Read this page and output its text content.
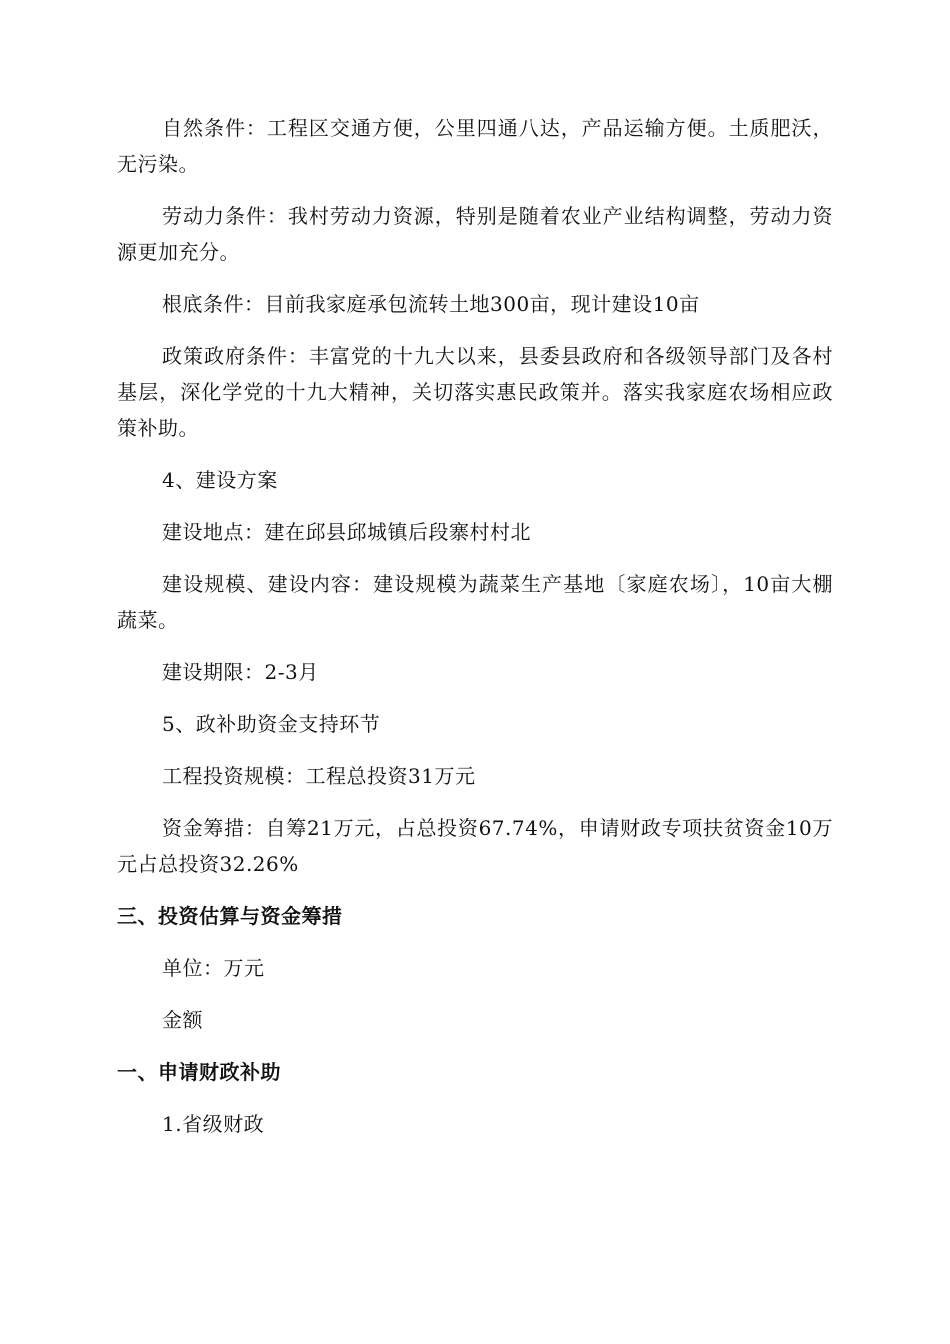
自然条件：工程区交通方便，公里四通八达，产品运输方便。土质肥沃，无污染。

劳动力条件：我村劳动力资源，特别是随着农业产业结构调整，劳动力资源更加充分。

根底条件：目前我家庭承包流转土地300亩，现计建设10亩

政策政府条件：丰富党的十九大以来，县委县政府和各级领导部门及各村基层，深化学党的十九大精神，关切落实惠民政策并。落实我家庭农场相应政策补助。

4、建设方案

建设地点：建在邱县邱城镇后段寨村村北

建设规模、建设内容：建设规模为蔬菜生产基地〔家庭农场〕，10亩大棚蔬菜。

建设期限：2-3月

5、政补助资金支持环节

工程投资规模：工程总投资31万元

资金筹措：自筹21万元，占总投资67.74%，申请财政专项扶贫资金10万元占总投资32.26%

三、投资估算与资金筹措

单位：万元

金额

一、申请财政补助

1.省级财政
